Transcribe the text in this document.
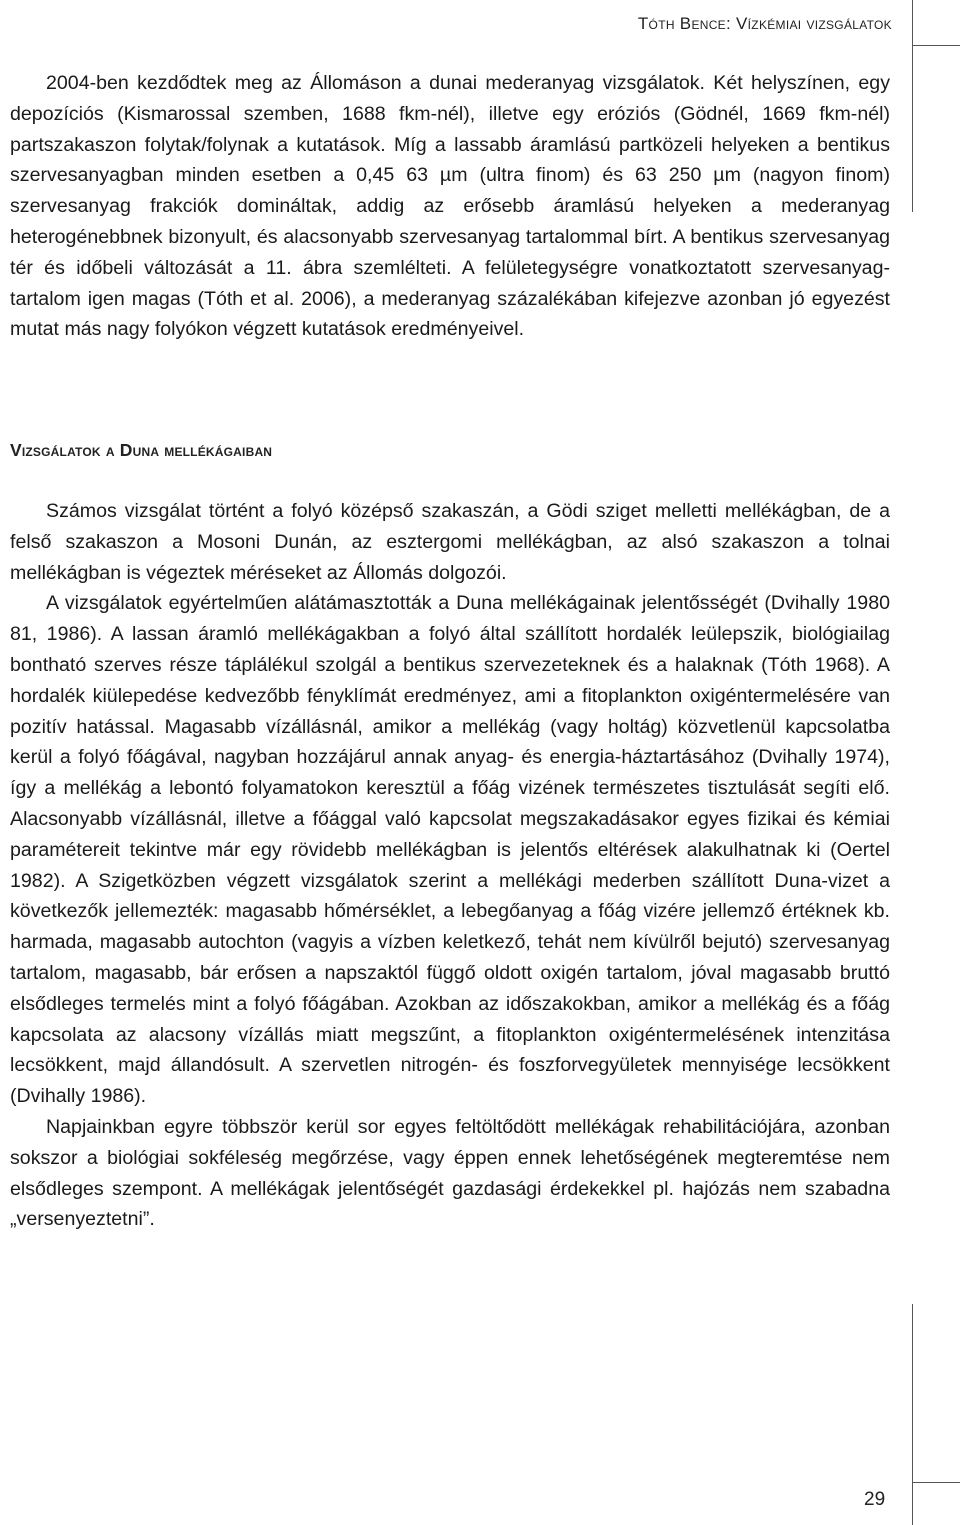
Tóth Bence: Vízkémiai vizsgálatok

2004-ben kezdődtek meg az Állomáson a dunai mederanyag vizsgálatok. Két helyszínen, egy depozíciós (Kismarossal szemben, 1688 fkm-nél), illetve egy eróziós (Gödnél, 1669 fkm-nél) partszakaszon folytak/folynak a kutatások. Míg a lassabb áramlású partközeli helyeken a bentikus szervesanyagban minden esetben a 0,45 63 µm (ultra finom) és 63 250 µm (nagyon finom) szervesanyag frakciók domináltak, addig az erősebb áramlású helyeken a mederanyag heterogénebbnek bizonyult, és alacsonyabb szervesanyag tartalommal bírt. A bentikus szervesanyag tér és időbeli változását a 11. ábra szemlélteti. A felületegységre vonatkoztatott szervesanyag-tartalom igen magas (Tóth et al. 2006), a mederanyag százalékában kifejezve azonban jó egyezést mutat más nagy folyókon végzett kutatások eredményeivel.

Vizsgálatok a Duna mellékágaiban

Számos vizsgálat történt a folyó középső szakaszán, a Gödi sziget melletti mellékágban, de a felső szakaszon a Mosoni Dunán, az esztergomi mellékágban, az alsó szakaszon a tolnai mellékágban is végeztek méréseket az Állomás dolgozói.

A vizsgálatok egyértelműen alátámasztották a Duna mellékágainak jelentősségét (Dvihally 1980 81, 1986). A lassan áramló mellékágakban a folyó által szállított hordalék leülepszik, biológiailag bontható szerves része táplálékul szolgál a bentikus szervezeteknek és a halaknak (Tóth 1968). A hordalék kiülepedése kedvezőbb fényklímát eredményez, ami a fitoplankton oxigéntermelésére van pozitív hatással. Magasabb vízállásnál, amikor a mellékág (vagy holtág) közvetlenül kapcsolatba kerül a folyó főágával, nagyban hozzájárul annak anyag- és energia-háztartásához (Dvihally 1974), így a mellékág a lebontó folyamatokon keresztül a főág vizének természetes tisztulását segíti elő. Alacsonyabb vízállásnál, illetve a főággal való kapcsolat megszakadásakor egyes fizikai és kémiai paramétereit tekintve már egy rövidebb mellékágban is jelentős eltérések alakulhatnak ki (Oertel 1982). A Szigetközben végzett vizsgálatok szerint a mellékági mederben szállított Duna-vizet a következők jellemezték: magasabb hőmérséklet, a lebegőanyag a főág vizére jellemző értéknek kb. harmada, magasabb autochton (vagyis a vízben keletkező, tehát nem kívülről bejutó) szervesanyag tartalom, magasabb, bár erősen a napszaktól függő oldott oxigén tartalom, jóval magasabb bruttó elsődleges termelés mint a folyó főágában. Azokban az időszakokban, amikor a mellékág és a főág kapcsolata az alacsony vízállás miatt megszűnt, a fitoplankton oxigéntermelésének intenzitása lecsökkent, majd állandósult. A szervetlen nitrogén- és foszforvegyületek mennyisége lecsökkent (Dvihally 1986).

Napjainkban egyre többször kerül sor egyes feltöltődött mellékágak rehabilitációjára, azonban sokszor a biológiai sokféleség megőrzése, vagy éppen ennek lehetőségének megteremtése nem elsődleges szempont. A mellékágak jelentőségét gazdasági érdekekkel pl. hajózás nem szabadna „versenyeztetni”.

29
